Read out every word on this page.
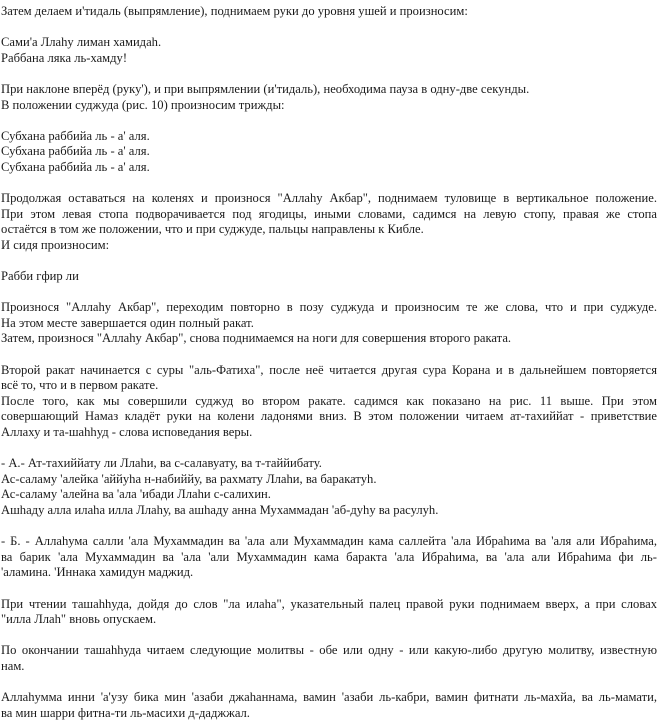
Затем делаем и'тидаль (выпрямление), поднимаем руки до уровня ушей и произносим:
Сами'а Ллаhу лиман хамидаh.
Раббана ляка ль-хамду!
При наклоне вперёд (руку'), и при выпрямлении (и'тидаль), необходима пауза в одну-две секунды.
В положении суджуда (рис. 10) произносим трижды:
Субхана раббийа ль - а' аля.
Субхана раббийа ль - а' аля.
Субхана раббийа ль - а' аля.
Продолжая оставаться на коленях и произнося "Аллаhу Акбар", поднимаем туловище в вертикальное положение.
При этом левая стопа подворачивается под ягодицы, иными словами, садимся на левую стопу, правая же стопа
остаётся в том же положении, что и при суджуде, пальцы направлены к Кибле.
И сидя произносим:
Рабби гфир ли
Произнося "Аллаhу Акбар", переходим повторно в позу суджуда и произносим те же слова, что и при суджуде.
На этом месте завершается один полный ракат.
Затем, произнося "Аллаhу Акбар", снова поднимаемся на ноги для совершения второго раката.
Второй ракат начинается с суры "аль-Фатиха", после неё читается другая сура Корана и в дальнейшем повторяется
всё то, что и в первом ракате.
После того, как мы совершили суджуд во втором ракате. садимся как показано на рис. 11 выше. При этом
совершающий Намаз кладёт руки на колени ладонями вниз. В этом положении читаем ат-тахиййат - приветствие
Аллаху и та-шаhhуд - слова исповедания веры.
- А.- Ат-тахиййату ли Ллаhи, ва с-салавуату, ва т-таййибату.
Ас-саламу 'алейка 'аййуhа н-набиййу, ва рахмату Ллаhи, ва баракатуh.
Ас-саламу 'алейна ва 'ала 'ибади Ллаhи с-салихин.
Ашhаду алла илаhа илла Ллаhу, ва ашhаду анна Мухаммадан 'аб-дуhу ва расулуh.
- Б. - Аллаhума салли 'ала Мухаммадин ва 'ала али Мухаммадин кама саллейта 'ала Ибраhима ва 'аля али Ибраhима,
ва барик 'ала Мухаммадин ва 'ала 'али Мухаммадин кама баракта 'ала Ибраhима, ва 'ала али Ибраhима фи ль-
'аламина. 'Иннака хамидун маджид.
При чтении ташаhhуда, дойдя до слов "ла илаhа", указательный палец правой руки поднимаем вверх, а при словах
"илла Ллаh" вновь опускаем.
По окончании ташаhhуда читаем следующие молитвы - обе или одну - или какую-либо другую молитву, известную
нам.
Аллаhумма инни 'а'узу бика мин 'азаби джаhаннама, вамин 'азаби ль-кабри, вамин фитнати ль-махйа, ва ль-мамати,
ва мин шарри фитна-ти ль-масихи д-даджжал.
